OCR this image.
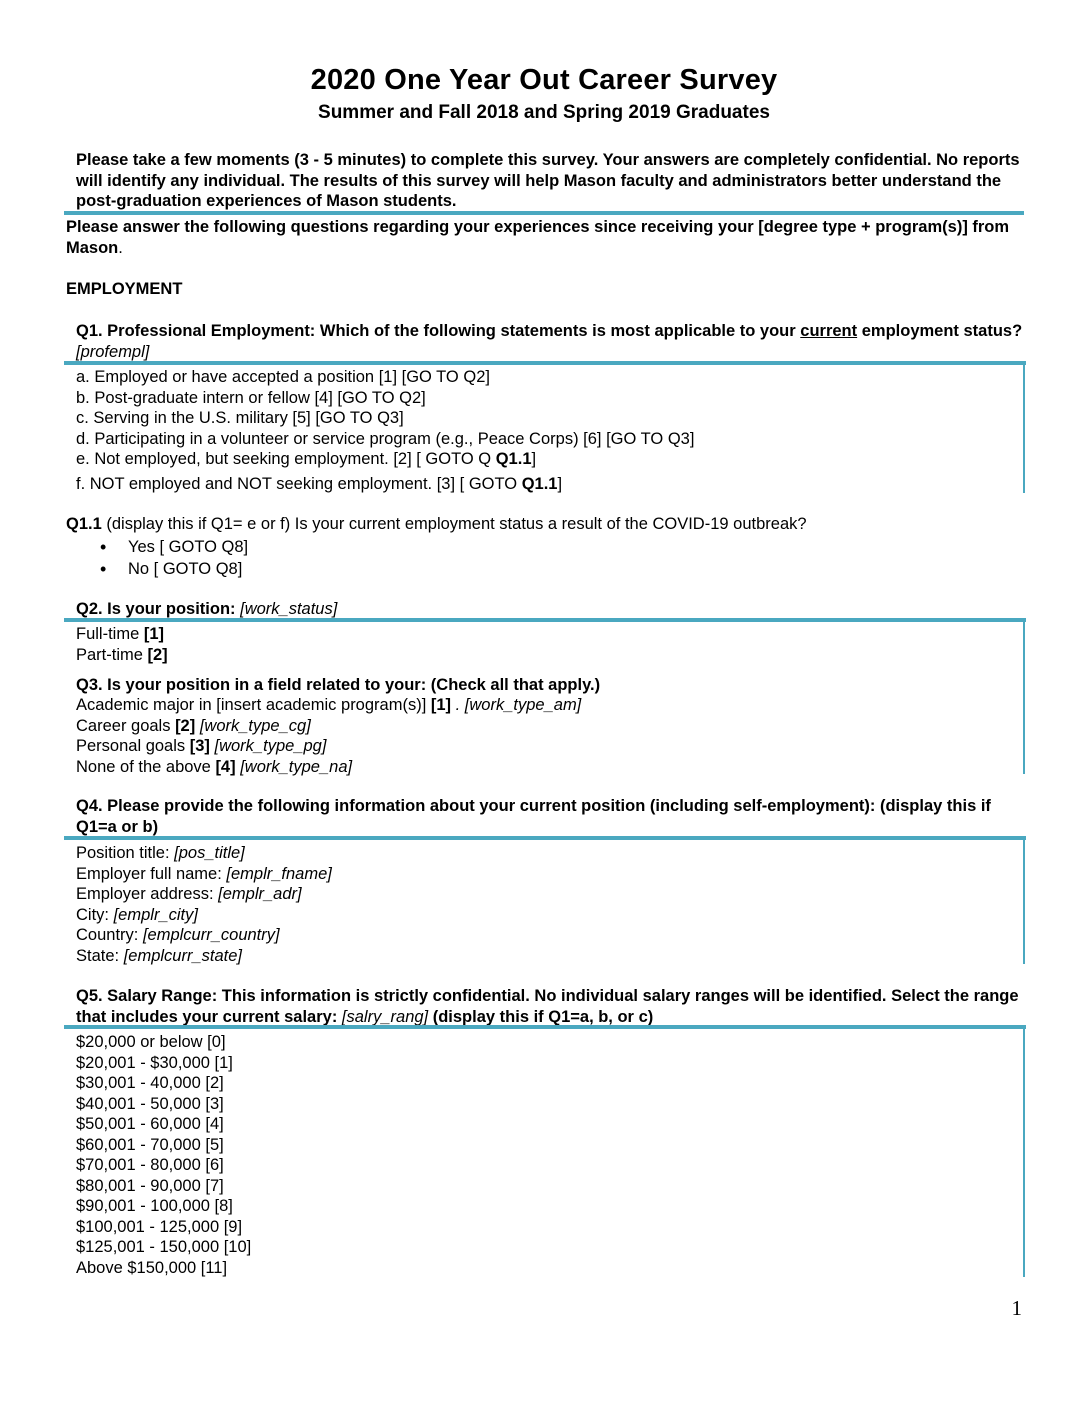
2020 One Year Out Career Survey
Summer and Fall 2018 and Spring 2019 Graduates
Please take a few moments (3 - 5 minutes) to complete this survey. Your answers are completely confidential. No reports will identify any individual. The results of this survey will help Mason faculty and administrators better understand the post-graduation experiences of Mason students.
Please answer the following questions regarding your experiences since receiving your [degree type + program(s)] from Mason.
EMPLOYMENT
Q1. Professional Employment: Which of the following statements is most applicable to your current employment status? [profempl]
a. Employed or have accepted a position [1] [GO TO Q2]
b. Post-graduate intern or fellow [4] [GO TO Q2]
c. Serving in the U.S. military [5] [GO TO Q3]
d. Participating in a volunteer or service program (e.g., Peace Corps) [6] [GO TO Q3]
e. Not employed, but seeking employment. [2] [ GOTO Q Q1.1]
f. NOT employed and NOT seeking employment. [3] [ GOTO Q1.1]
Q1.1 (display this if Q1= e or f) Is your current employment status a result of the COVID-19 outbreak?
• Yes [ GOTO Q8]
• No [ GOTO Q8]
Q2. Is your position: [work_status]
Full-time [1]
Part-time [2]
Q3. Is your position in a field related to your: (Check all that apply.)
Academic major in [insert academic program(s)] [1] . [work_type_am]
Career goals [2] [work_type_cg]
Personal goals [3] [work_type_pg]
None of the above [4] [work_type_na]
Q4. Please provide the following information about your current position (including self-employment): (display this if Q1=a or b)
Position title: [pos_title]
Employer full name: [emplr_fname]
Employer address: [emplr_adr]
City: [emplr_city]
Country: [emplcurr_country]
State: [emplcurr_state]
Q5. Salary Range: This information is strictly confidential. No individual salary ranges will be identified. Select the range that includes your current salary: [salry_rang] (display this if Q1=a, b, or c)
$20,000 or below [0]
$20,001 - $30,000 [1]
$30,001 - 40,000 [2]
$40,001 - 50,000 [3]
$50,001 - 60,000 [4]
$60,001 - 70,000 [5]
$70,001 - 80,000 [6]
$80,001 - 90,000 [7]
$90,001 - 100,000 [8]
$100,001 - 125,000 [9]
$125,001 - 150,000 [10]
Above $150,000 [11]
1
